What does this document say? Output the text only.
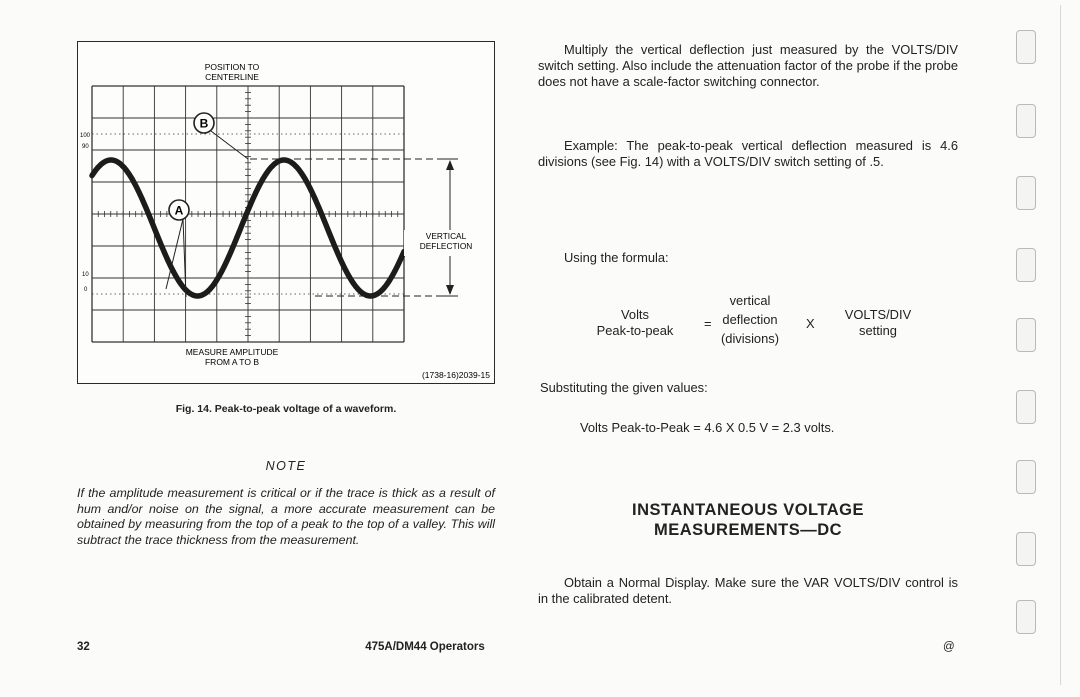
POSITION TO
CENTERLINE
100
90
10
0
VERTICAL
DEFLECTION
A
B
MEASURE AMPLITUDE
FROM A TO B
(1738-16)2039-15
Fig. 14. Peak-to-peak voltage of a waveform.
NOTE
If the amplitude measurement is critical or if the trace is thick as a result of hum and/or noise on the signal, a more accurate measurement can be obtained by measuring from the top of a peak to the top of a valley. This will subtract the trace thickness from the measurement.
Multiply the vertical deflection just measured by the VOLTS/DIV switch setting. Also include the attenuation factor of the probe if the probe does not have a scale-factor switching connector.
Example: The peak-to-peak vertical deflection measured is 4.6 divisions (see Fig. 14) with a VOLTS/DIV switch setting of .5.
Using the formula:
Volts
Peak-to-peak	=
vertical
deflection
(divisions)
X
VOLTS/DIV
setting
Substituting the given values:
Volts Peak-to-Peak = 4.6 X 0.5 V = 2.3 volts.
INSTANTANEOUS VOLTAGE
MEASUREMENTS—DC
Obtain a Normal Display. Make sure the VAR VOLTS/DIV control is in the calibrated detent.
32	475A/DM44 Operators	@
